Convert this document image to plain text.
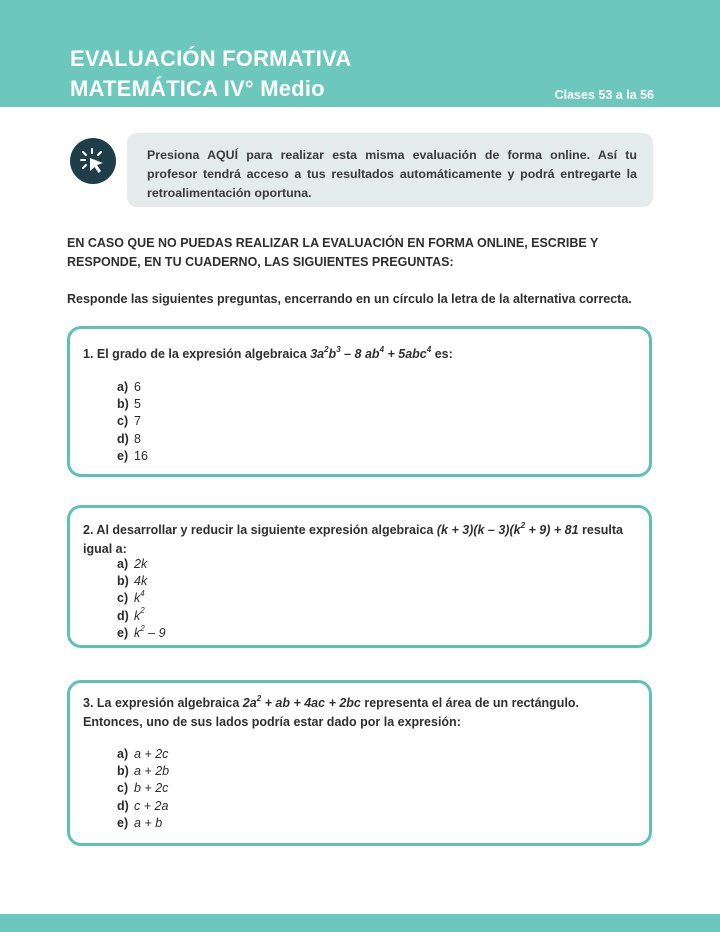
EVALUACIÓN FORMATIVA
MATEMÁTICA IV° Medio	Clases 53 a la 56

Presiona AQUÍ para realizar esta misma evaluación de forma online. Así tu profesor tendrá acceso a tus resultados automáticamente y podrá entregarte la retroalimentación oportuna.

EN CASO QUE NO PUEDAS REALIZAR LA EVALUACIÓN EN FORMA ONLINE, ESCRIBE Y RESPONDE, EN TU CUADERNO, LAS SIGUIENTES PREGUNTAS:
Responde las siguientes preguntas, encerrando en un círculo la letra de la alternativa correcta.
1. El grado de la expresión algebraica $3a^2b^3 - 8$ $ab^4 + 5abc^4$ es:
a) 6
b) 5
c) 7
d) 8
e) 16
2. Al desarrollar y reducir la siguiente expresión algebraica $(k + 3)(k - 3)(k^2 + 9) + 81$ resulta igual a:
a) 2k
b) 4k
c) $k^4$
d) $k^2$
e) $k^2 - 9$
3. La expresión algebraica $2a^2$ + ab + 4ac + 2bc representa el área de un rectángulo. Entonces, uno de sus lados podría estar dado por la expresión:
a) a + 2c
b) a + 2b
c) b + 2c
d) c + 2a
e) a + b
